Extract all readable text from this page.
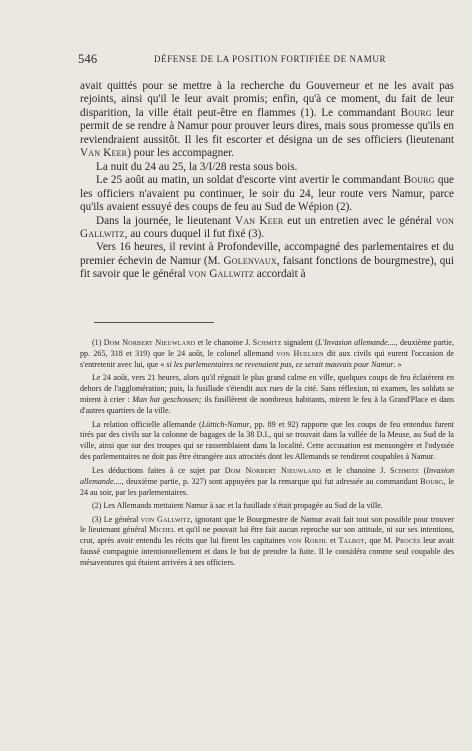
546	DÉFENSE DE LA POSITION FORTIFIÉE DE NAMUR

avait quittés pour se mettre à la recherche du Gouverneur et ne les avait pas rejoints, ainsi qu'il le leur avait promis; enfin, qu'à ce moment, du fait de leur disparition, la ville était peut-être en flammes (1). Le commandant Bourg leur permit de se rendre à Namur pour prouver leurs dires, mais sous promesse qu'ils en reviendraient aussitôt. Il les fit escorter et désigna un de ses officiers (lieutenant Van Keer) pour les accompagner.

La nuit du 24 au 25, la 3/I/28 resta sous bois.

Le 25 août au matin, un soldat d'escorte vint avertir le commandant Bourg que les officiers n'avaient pu continuer, le soir du 24, leur route vers Namur, parce qu'ils avaient essuyé des coups de feu au Sud de Wépion (2).

Dans la journée, le lieutenant Van Keer eut un entretien avec le général von Gallwitz, au cours duquel il fut fixé (3).

Vers 16 heures, il revint à Profondeville, accompagné des parlementaires et du premier échevin de Namur (M. Golenvaux, faisant fonctions de bourgmestre), qui fit savoir que le général von Gallwitz accordait à

(1) Dom Norbert Nieuwland et le chanoine J. Schmitz signalent (L'Invasion allemande...., deuxième partie, pp. 265, 318 et 319) que le 24 août, le colonel allemand von Huelsen dit aux civils qui eurent l'occasion de s'entretenir avec lui, que « si les parlementaires ne revenaient pas, ce serait mauvais pour Namur. »

Le 24 août, vers 21 heures, alors qu'il régnait le plus grand calme en ville, quelques coups de feu éclatèrent en dehors de l'agglomération; puis, la fusillade s'étendit aux rues de la cité. Sans réflexion, ni examen, les soldats se mirent à crier : Man hat geschossen; ils fusillèrent de nombreux habitants, mirent le feu à la Grand'Place et dans d'autres quartiers de la ville.

La relation officielle allemande (Lüttich-Namur, pp. 89 et 92) rapporte que les coups de feu entendus furent tirés par des civils sur la colonne de bagages de la 38 D.I., qui se trouvait dans la vallée de la Meuse, au Sud de la ville, ainsi que sur des troupes qui se rassemblaient dans la localité. Cette accusation est mensongère et l'odyssée des parlementaires ne doit pas être étrangère aux atrocités dont les Allemands se rendirent coupables à Namur.

Les déductions faites à ce sujet par Dom Norbert Nieuwland et le chanoine J. Schmitz (Invasion allemande...., deuxième partie, p. 327) sont appuyées par la remarque qui fut adressée au commandant Bourg, le 24 au soir, par les parlementaires.

(2) Les Allemands mettaient Namur à sac et la fusillade s'était propagée au Sud de la ville.

(3) Le général von Gallwitz, ignorant que le Bourgmestre de Namur avait fait tout son possible pour trouver le lieutenant général Michel et qu'il ne pouvait lui être fait aucun reproche sur son attitude, ni sur ses intentions, crut, après avoir entendu les récits que lui firent les capitaines von Rokhl et Talbot, que M. Procès leur avait faussé compagnie intentionnellement et dans le but de prendre la fuite. Il le considéra comme seul coupable des mésaventures qui étaient arrivées à ses officiers.
